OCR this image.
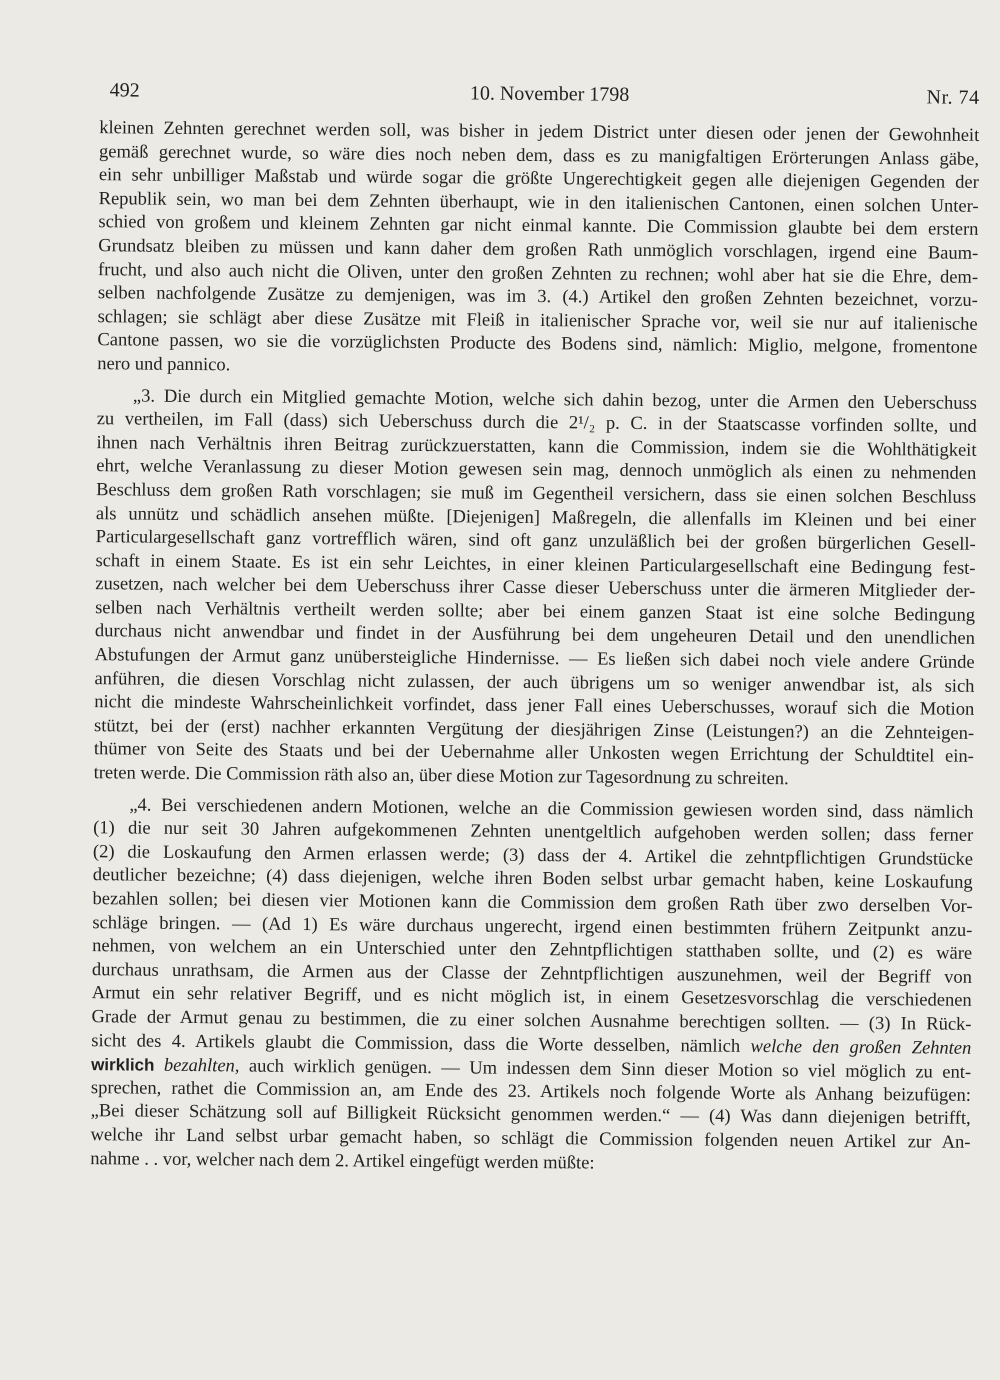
492	10. November 1798	Nr. 74
kleinen Zehnten gerechnet werden soll, was bisher in jedem District unter diesen oder jenen der Gewohnheit
gemäß gerechnet wurde, so wäre dies noch neben dem, dass es zu manigfaltigen Erörterungen Anlass gäbe,
ein sehr unbilliger Maßstab und würde sogar die größte Ungerechtigkeit gegen alle diejenigen Gegenden der
Republik sein, wo man bei dem Zehnten überhaupt, wie in den italienischen Cantonen, einen solchen Unter-
schied von großem und kleinem Zehnten gar nicht einmal kannte. Die Commission glaubte bei dem erstern
Grundsatz bleiben zu müssen und kann daher dem großen Rath unmöglich vorschlagen, irgend eine Baum-
frucht, und also auch nicht die Oliven, unter den großen Zehnten zu rechnen; wohl aber hat sie die Ehre, dem-
selben nachfolgende Zusätze zu demjenigen, was im 3. (4.) Artikel den großen Zehnten bezeichnet, vorzu-
schlagen; sie schlägt aber diese Zusätze mit Fleiß in italienischer Sprache vor, weil sie nur auf italienische
Cantone passen, wo sie die vorzüglichsten Producte des Bodens sind, nämlich: Miglio, melgone, fromentone
nero und pannico.
„3. Die durch ein Mitglied gemachte Motion, welche sich dahin bezog, unter die Armen den Ueberschuss
zu vertheilen, im Fall (dass) sich Ueberschuss durch die 2¹/₂ p. C. in der Staatscasse vorfinden sollte, und
ihnen nach Verhältnis ihren Beitrag zurückzuerstatten, kann die Commission, indem sie die Wohlthätigkeit
ehrt, welche Veranlassung zu dieser Motion gewesen sein mag, dennoch unmöglich als einen zu nehmenden
Beschluss dem großen Rath vorschlagen; sie muß im Gegentheil versichern, dass sie einen solchen Beschluss
als unnütz und schädlich ansehen müßte. [Diejenigen] Maßregeln, die allenfalls im Kleinen und bei einer
Particulargesellschaft ganz vortrefflich wären, sind oft ganz unzuläßlich bei der großen bürgerlichen Gesell-
schaft in einem Staate. Es ist ein sehr Leichtes, in einer kleinen Particulargesellschaft eine Bedingung fest-
zusetzen, nach welcher bei dem Ueberschuss ihrer Casse dieser Ueberschuss unter die ärmeren Mitglieder der-
selben nach Verhältnis vertheilt werden sollte; aber bei einem ganzen Staat ist eine solche Bedingung
durchaus nicht anwendbar und findet in der Ausführung bei dem ungeheuren Detail und den unendlichen
Abstufungen der Armut ganz unübersteigliche Hindernisse. — Es ließen sich dabei noch viele andere Gründe
anführen, die diesen Vorschlag nicht zulassen, der auch übrigens um so weniger anwendbar ist, als sich
nicht die mindeste Wahrscheinlichkeit vorfindet, dass jener Fall eines Ueberschusses, worauf sich die Motion
stützt, bei der (erst) nachher erkannten Vergütung der diesjährigen Zinse (Leistungen?) an die Zehnteigen-
thümer von Seite des Staats und bei der Uebernahme aller Unkosten wegen Errichtung der Schuldtitel ein-
treten werde. Die Commission räth also an, über diese Motion zur Tagesordnung zu schreiten.
„4. Bei verschiedenen andern Motionen, welche an die Commission gewiesen worden sind, dass nämlich
(1) die nur seit 30 Jahren aufgekommenen Zehnten unentgeltlich aufgehoben werden sollen; dass ferner
(2) die Loskaufung den Armen erlassen werde; (3) dass der 4. Artikel die zehntpflichtigen Grundstücke
deutlicher bezeichne; (4) dass diejenigen, welche ihren Boden selbst urbar gemacht haben, keine Loskaufung
bezahlen sollen; bei diesen vier Motionen kann die Commission dem großen Rath über zwo derselben Vor-
schläge bringen. — (Ad 1) Es wäre durchaus ungerecht, irgend einen bestimmten frühern Zeitpunkt anzu-
nehmen, von welchem an ein Unterschied unter den Zehntpflichtigen statthaben sollte, und (2) es wäre
durchaus unrathsam, die Armen aus der Classe der Zehntpflichtigen auszunehmen, weil der Begriff von
Armut ein sehr relativer Begriff, und es nicht möglich ist, in einem Gesetzesvorschlag die verschiedenen
Grade der Armut genau zu bestimmen, die zu einer solchen Ausnahme berechtigen sollten. — (3) In Rück-
sicht des 4. Artikels glaubt die Commission, dass die Worte desselben, nämlich welche den großen Zehnten
wirklich bezahlten, auch wirklich genügen. — Um indessen dem Sinn dieser Motion so viel möglich zu ent-
sprechen, rathet die Commission an, am Ende des 23. Artikels noch folgende Worte als Anhang beizufügen:
„Bei dieser Schätzung soll auf Billigkeit Rücksicht genommen werden.“ — (4) Was dann diejenigen betrifft,
welche ihr Land selbst urbar gemacht haben, so schlägt die Commission folgenden neuen Artikel zur An-
nahme . . vor, welcher nach dem 2. Artikel eingefügt werden müßte:
